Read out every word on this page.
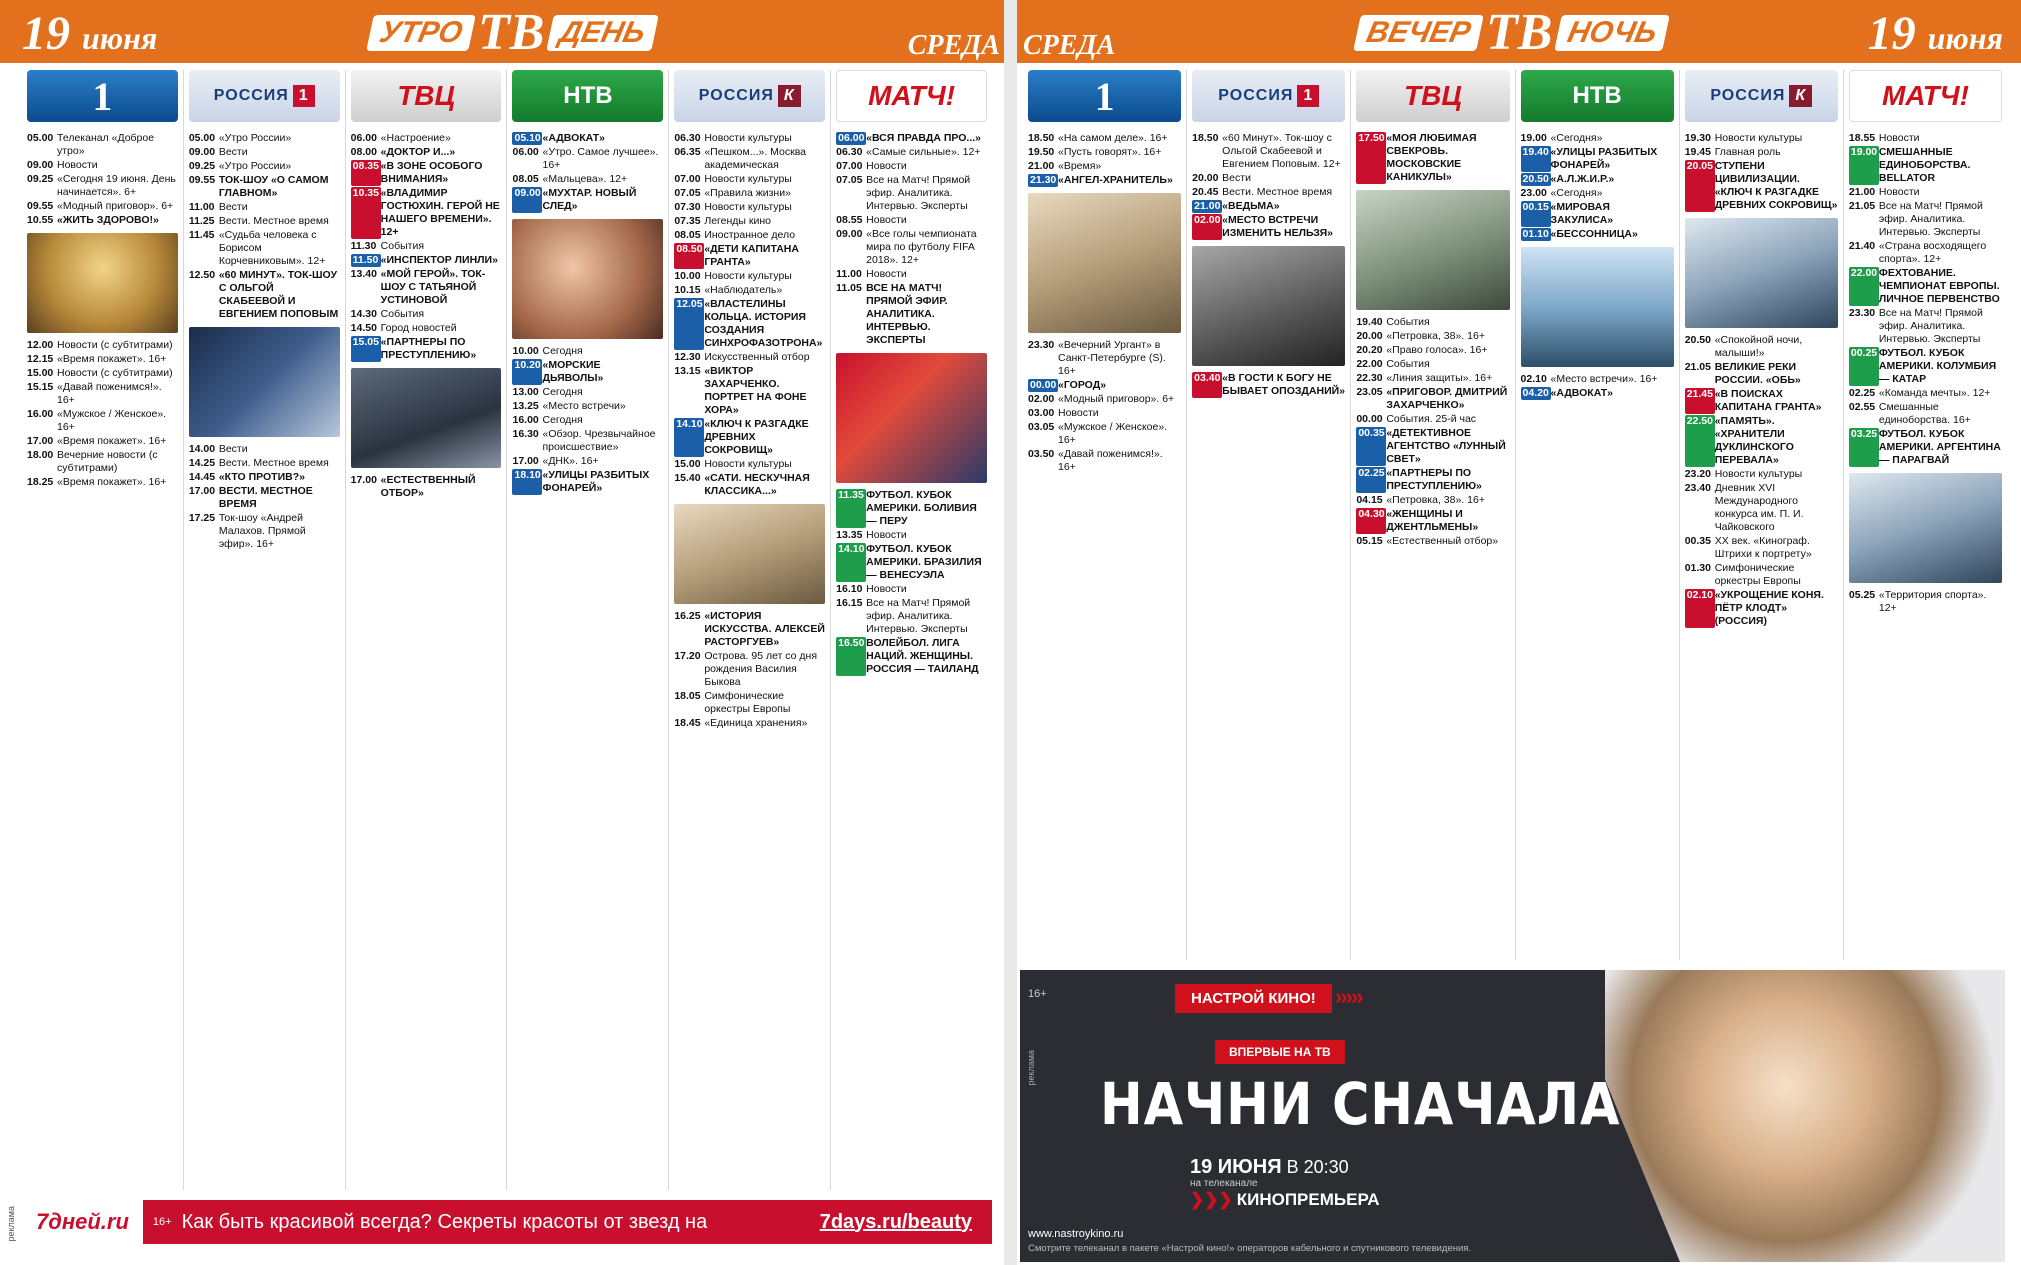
19 июня	УТРО ТВ ДЕНЬ	СРЕДА
1
05.00 Телеканал «Доброе утро»
09.00 Новости
09.25 «Сегодня 19 июня. День начинается». 6+
09.55 «Модный приговор». 6+
10.55 «ЖИТЬ ЗДОРОВО!»
12.00 Новости (с субтитрами)
12.15 «Время покажет». 16+
15.00 Новости (с субтитрами)
15.15 «Давай поженимся!». 16+
16.00 «Мужское / Женское». 16+
17.00 «Время покажет». 16+
18.00 Вечерние новости (с субтитрами)
18.25 «Время покажет». 16+
РОССИЯ 1
05.00 «Утро России»
09.00 Вести
09.25 «Утро России»
09.55 ТОК-ШОУ «О САМОМ ГЛАВНОМ»
11.00 Вести
11.25 Вести. Местное время
11.45 «Судьба человека с Борисом Корчевниковым». 12+
12.50 «60 МИНУТ». ТОК-ШОУ С ОЛЬГОЙ СКАБЕЕВОЙ И ЕВГЕНИЕМ ПОПОВЫМ
14.00 Вести
14.25 Вести. Местное время
14.45 «КТО ПРОТИВ?»
17.00 ВЕСТИ. МЕСТНОЕ ВРЕМЯ
17.25 Ток-шоу «Андрей Малахов. Прямой эфир». 16+
ТВЦ
06.00 «Настроение»
08.00 «ДОКТОР И...»
08.35 «В ЗОНЕ ОСОБОГО ВНИМАНИЯ»
10.35 «ВЛАДИМИР ГОСТЮХИН. ГЕРОЙ НЕ НАШЕГО ВРЕМЕНИ». 12+
11.30 События
11.50 «ИНСПЕКТОР ЛИНЛИ»
13.40 «МОЙ ГЕРОЙ». ТОК-ШОУ С ТАТЬЯНОЙ УСТИНОВОЙ
14.30 События
14.50 Город новостей
15.05 «ПАРТНЕРЫ ПО ПРЕСТУПЛЕНИЮ»
17.00 «ЕСТЕСТВЕННЫЙ ОТБОР»
НТВ
05.10 «АДВОКАТ»
06.00 «Утро. Самое лучшее». 16+
08.05 «Мальцева». 12+
09.00 «МУХТАР. НОВЫЙ СЛЕД»
10.00 Сегодня
10.20 «МОРСКИЕ ДЬЯВОЛЫ»
13.00 Сегодня
13.25 «Место встречи»
16.00 Сегодня
16.30 «Обзор. Чрезвычайное происшествие»
17.00 «ДНК». 16+
18.10 «УЛИЦЫ РАЗБИТЫХ ФОНАРЕЙ»
РОССИЯ К
06.30 Новости культуры
06.35 «Пешком...». Москва академическая
07.00 Новости культуры
07.05 «Правила жизни»
07.30 Новости культуры
07.35 Легенды кино
08.05 Иностранное дело
08.50 «ДЕТИ КАПИТАНА ГРАНТА»
10.00 Новости культуры
10.15 «Наблюдатель»
12.05 «ВЛАСТЕЛИНЫ КОЛЬЦА. ИСТОРИЯ СОЗДАНИЯ СИНХРОФАЗОТРОНА»
12.30 Искусственный отбор
13.15 «ВИКТОР ЗАХАРЧЕНКО. ПОРТРЕТ НА ФОНЕ ХОРА»
14.10 «КЛЮЧ К РАЗГАДКЕ ДРЕВНИХ СОКРОВИЩ»
15.00 Новости культуры
15.40 «САТИ. НЕСКУЧНАЯ КЛАССИКА...»
16.25 «ИСТОРИЯ ИСКУССТВА. АЛЕКСЕЙ РАСТОРГУЕВ»
17.20 Острова. 95 лет со дня рождения Василия Быкова
18.05 Симфонические оркестры Европы
18.45 «Единица хранения»
МАТЧ!
06.00 «ВСЯ ПРАВДА ПРО...»
06.30 «Самые сильные». 12+
07.00 Новости
07.05 Все на Матч! Прямой эфир. Аналитика. Интервью. Эксперты
08.55 Новости
09.00 «Все голы чемпионата мира по футболу FIFA 2018». 12+
11.00 Новости
11.05 ВСЕ НА МАТЧ! ПРЯМОЙ ЭФИР. АНАЛИТИКА. ИНТЕРВЬЮ. ЭКСПЕРТЫ
11.35 ФУТБОЛ. КУБОК АМЕРИКИ. БОЛИВИЯ — ПЕРУ
13.35 Новости
14.10 ФУТБОЛ. КУБОК АМЕРИКИ. БРАЗИЛИЯ — ВЕНЕСУЭЛА
16.10 Новости
16.15 Все на Матч! Прямой эфир. Аналитика. Интервью. Эксперты
16.50 ВОЛЕЙБОЛ. ЛИГА НАЦИЙ. ЖЕНЩИНЫ. РОССИЯ — ТАИЛАНД
реклама 7дней.ru	16+ Как быть красивой всегда? Секреты красоты от звезд на	7days.ru/beauty
СРЕДА	ВЕЧЕР ТВ НОЧЬ	19 июня
1
18.50 «На самом деле». 16+
19.50 «Пусть говорят». 16+
21.00 «Время»
21.30 «АНГЕЛ-ХРАНИТЕЛЬ»
23.30 «Вечерний Ургант» в Санкт-Петербурге (S). 16+
00.00 «ГОРОД»
02.00 «Модный приговор». 6+
03.00 Новости
03.05 «Мужское / Женское». 16+
03.50 «Давай поженимся!». 16+
РОССИЯ 1
18.50 «60 Минут». Ток-шоу с Ольгой Скабеевой и Евгением Поповым. 12+
20.00 Вести
20.45 Вести. Местное время
21.00 «ВЕДЬМА»
02.00 «МЕСТО ВСТРЕЧИ ИЗМЕНИТЬ НЕЛЬЗЯ»
03.40 «В ГОСТИ К БОГУ НЕ БЫВАЕТ ОПОЗДАНИЙ»
ТВЦ
17.50 «МОЯ ЛЮБИМАЯ СВЕКРОВЬ. МОСКОВСКИЕ КАНИКУЛЫ»
19.40 События
20.00 «Петровка, 38». 16+
20.20 «Право голоса». 16+
22.00 События
22.30 «Линия защиты». 16+
23.05 «ПРИГОВОР. ДМИТРИЙ ЗАХАРЧЕНКО»
00.00 События. 25-й час
00.35 «ДЕТЕКТИВНОЕ АГЕНТСТВО «ЛУННЫЙ СВЕТ»
02.25 «ПАРТНЕРЫ ПО ПРЕСТУПЛЕНИЮ»
04.15 «Петровка, 38». 16+
04.30 «ЖЕНЩИНЫ И ДЖЕНТЛЬМЕНЫ»
05.15 «Естественный отбор»
НТВ
19.00 «Сегодня»
19.40 «УЛИЦЫ РАЗБИТЫХ ФОНАРЕЙ»
20.50 «А.Л.Ж.И.Р.»
23.00 «Сегодня»
00.15 «МИРОВАЯ ЗАКУЛИСА»
01.10 «БЕССОННИЦА»
02.10 «Место встречи». 16+
04.20 «АДВОКАТ»
РОССИЯ К
19.30 Новости культуры
19.45 Главная роль
20.05 СТУПЕНИ ЦИВИЛИЗАЦИИ. «КЛЮЧ К РАЗГАДКЕ ДРЕВНИХ СОКРОВИЩ»
20.50 «Спокойной ночи, малыши!»
21.05 ВЕЛИКИЕ РЕКИ РОССИИ. «ОБЬ»
21.45 «В ПОИСКАХ КАПИТАНА ГРАНТА»
22.50 «ПАМЯТЬ». «ХРАНИТЕЛИ ДУКЛИНСКОГО ПЕРЕВАЛА»
23.20 Новости культуры
23.40 Дневник XVI Международного конкурса им. П. И. Чайковского
00.35 XX век. «Кинограф. Штрихи к портрету»
01.30 Симфонические оркестры Европы
02.10 «УКРОЩЕНИЕ КОНЯ. ПЁТР КЛОДТ» (РОССИЯ)
МАТЧ!
18.55 Новости
19.00 СМЕШАННЫЕ ЕДИНОБОРСТВА. BELLATOR
21.00 Новости
21.05 Все на Матч! Прямой эфир. Аналитика. Интервью. Эксперты
21.40 «Страна восходящего спорта». 12+
22.00 ФЕХТОВАНИЕ. ЧЕМПИОНАТ ЕВРОПЫ. ЛИЧНОЕ ПЕРВЕНСТВО
23.30 Все на Матч! Прямой эфир. Аналитика. Интервью. Эксперты
00.25 ФУТБОЛ. КУБОК АМЕРИКИ. КОЛУМБИЯ — КАТАР
02.25 «Команда мечты». 12+
02.55 Смешанные единоборства. 16+
03.25 ФУТБОЛ. КУБОК АМЕРИКИ. АРГЕНТИНА — ПАРАГВАЙ
05.25 «Территория спорта». 12+
16+
реклама
НАСТРОЙ КИНО! ›››››
ВПЕРВЫЕ НА ТВ
НАЧНИ СНАЧАЛА
19 ИЮНЯ В 20:30
на телеканале
❯❯❯ КИНОПРЕМЬЕРА
www.nastroykino.ru
Смотрите телеканал в пакете «Настрой кино!» операторов кабельного и спутникового телевидения.
